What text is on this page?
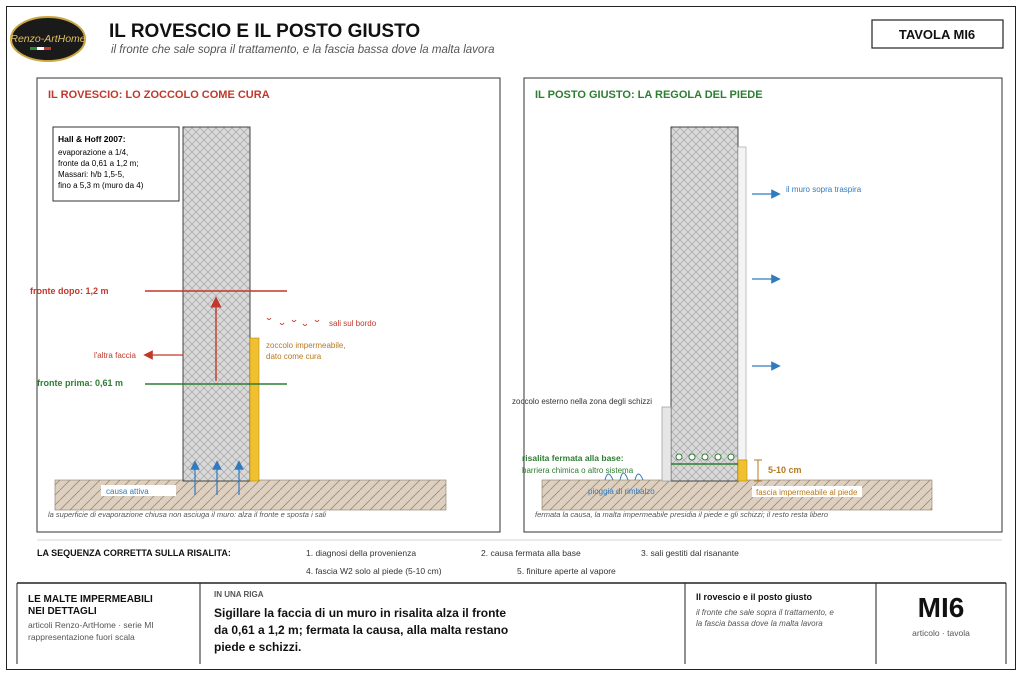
Renzo-ArtHome IL ROVESCIO E IL POSTO GIUSTO
il fronte che sale sopra il trattamento, e la fascia bassa dove la malta lavora
TAVOLA MI6
IL ROVESCIO: LO ZOCCOLO COME CURA
Hall & Hoff 2007:
evaporazione a 1/4,
fronte da 0,61 a 1,2 m;
Massari: h/b 1,5-5,
fino a 5,3 m (muro da 4)
fronte dopo: 1,2 m
fronte prima: 0,61 m
l'altra faccia
sali sul bordo
zoccolo impermeabile,
dato come cura
causa attiva
la superficie di evaporazione chiusa non asciuga il muro: alza il fronte e sposta i sali
IL POSTO GIUSTO: LA REGOLA DEL PIEDE
il muro sopra traspira
zoccolo esterno nella zona degli schizzi
risalita fermata alla base:
barriera chimica o altro sistema
pioggia di rimbalzo
5-10 cm
fascia impermeabile al piede
fermata la causa, la malta impermeabile presidia il piede e gli schizzi; il resto resta libero
LA SEQUENZA CORRETTA SULLA RISALITA:	1. diagnosi della provenienza	2. causa fermata alla base	3. sali gestiti dal risanante
4. fascia W2 solo al piede (5-10 cm)	5. finiture aperte al vapore
LE MALTE IMPERMEABILI
NEI DETTAGLI
articoli Renzo-ArtHome · serie MI
rappresentazione fuori scala
IN UNA RIGA
Sigillare la faccia di un muro in risalita alza il fronte
da 0,61 a 1,2 m; fermata la causa, alla malta restano
piede e schizzi.
Il rovescio e il posto giusto
il fronte che sale sopra il trattamento, e
la fascia bassa dove la malta lavora
MI6
articolo · tavola
